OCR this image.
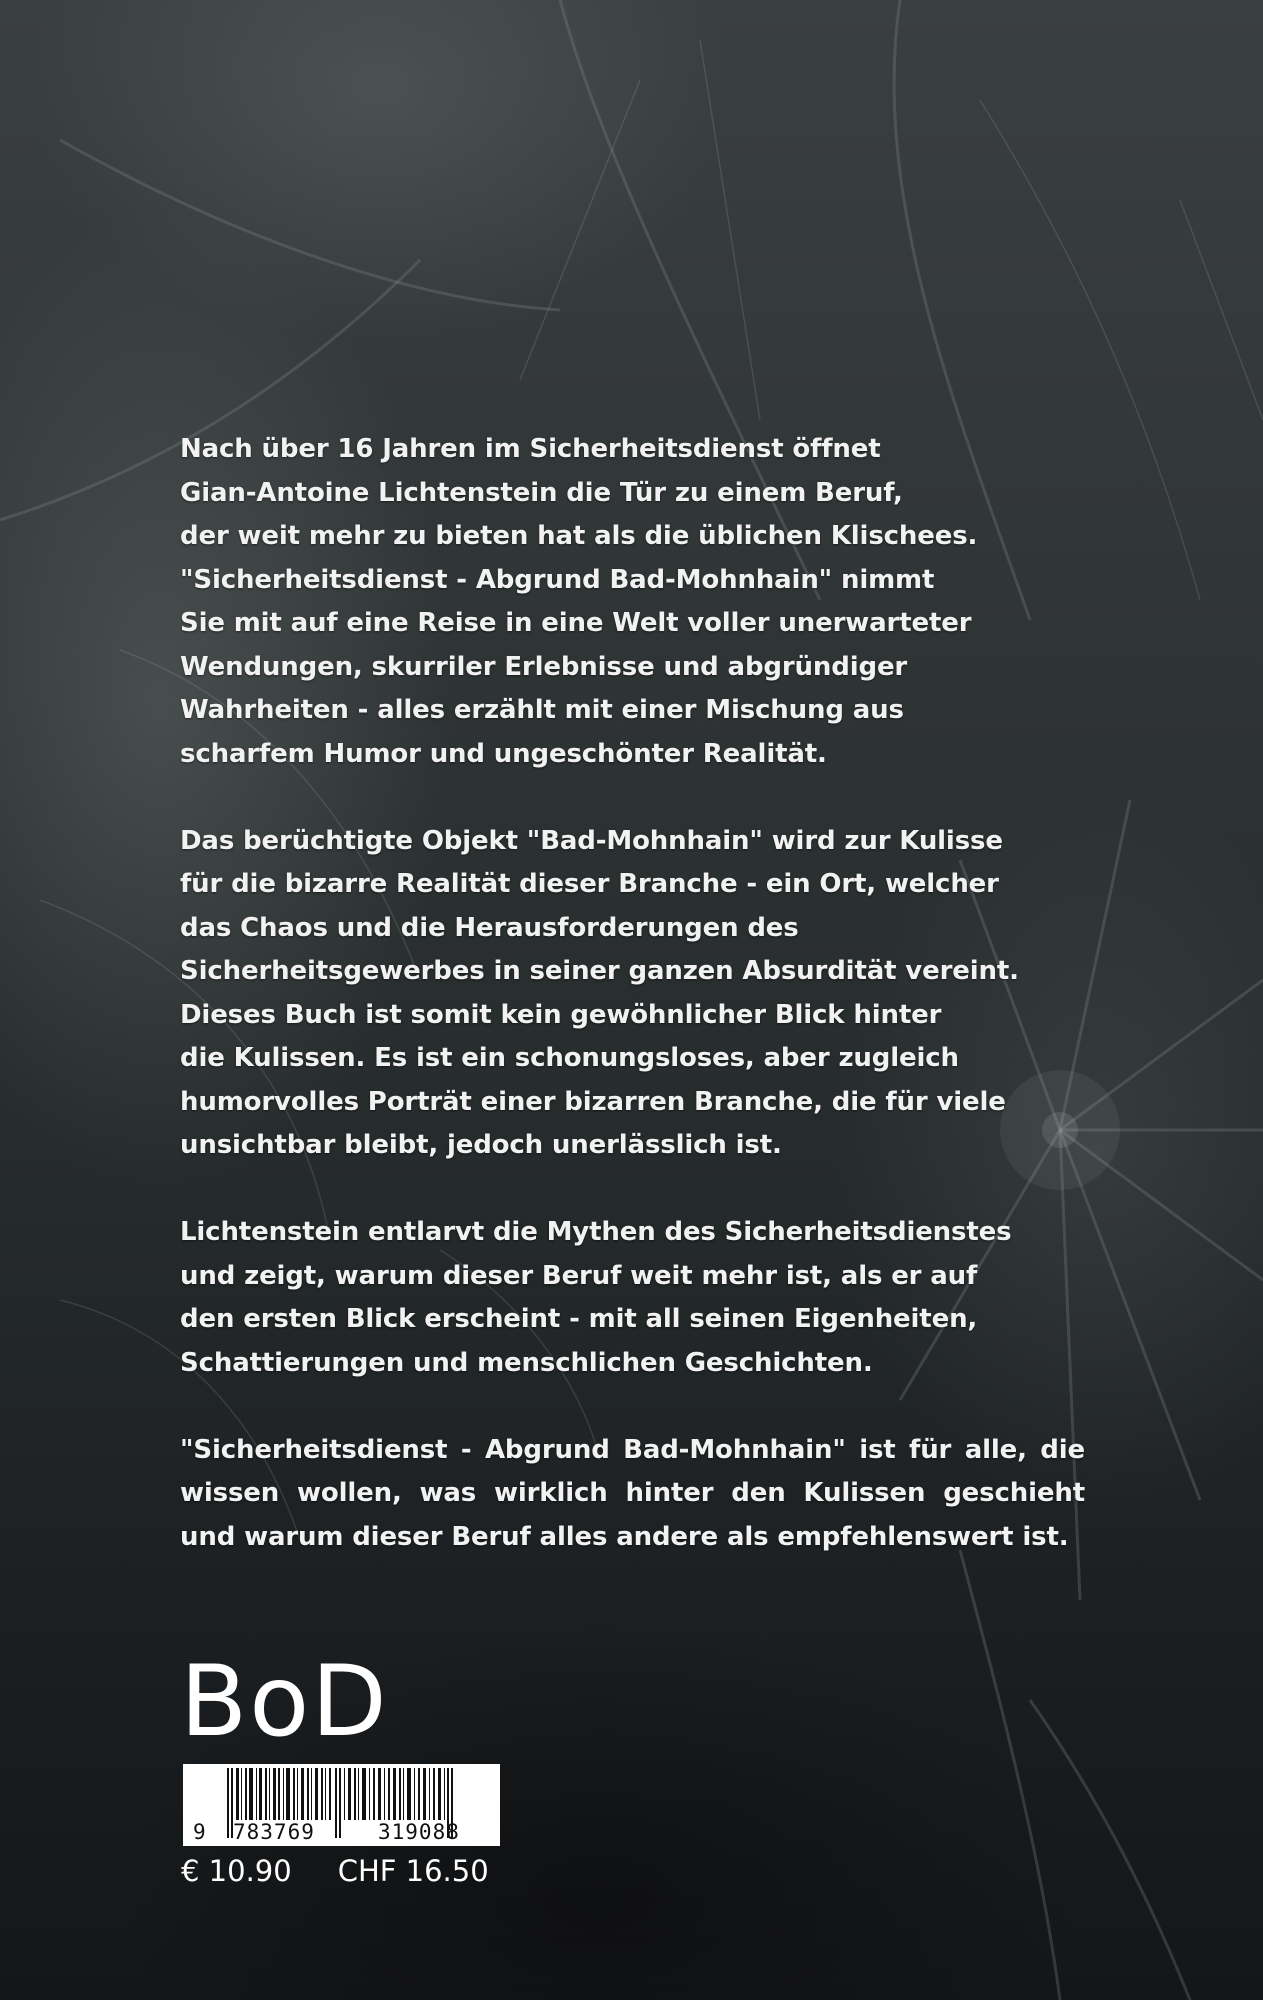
Nach über 16 Jahren im Sicherheitsdienst öffnet
Gian-Antoine Lichtenstein die Tür zu einem Beruf,
der weit mehr zu bieten hat als die üblichen Klischees.
"Sicherheitsdienst - Abgrund Bad-Mohnhain" nimmt
Sie mit auf eine Reise in eine Welt voller unerwarteter
Wendungen, skurriler Erlebnisse und abgründiger
Wahrheiten - alles erzählt mit einer Mischung aus
scharfem Humor und ungeschönter Realität.

Das berüchtigte Objekt "Bad-Mohnhain" wird zur Kulisse
für die bizarre Realität dieser Branche - ein Ort, welcher
das Chaos und die Herausforderungen des
Sicherheitsgewerbes in seiner ganzen Absurdität vereint.
Dieses Buch ist somit kein gewöhnlicher Blick hinter
die Kulissen. Es ist ein schonungsloses, aber zugleich
humorvolles Porträt einer bizarren Branche, die für viele
unsichtbar bleibt, jedoch unerlässlich ist.

Lichtenstein entlarvt die Mythen des Sicherheitsdienstes
und zeigt, warum dieser Beruf weit mehr ist, als er auf
den ersten Blick erscheint - mit all seinen Eigenheiten,
Schattierungen und menschlichen Geschichten.

"Sicherheitsdienst - Abgrund Bad-Mohnhain" ist für alle, die wissen wollen, was wirklich hinter den Kulissen geschieht und warum dieser Beruf alles andere als empfehlenswert ist.

BoD
9 783769	319088
€ 10.90 CHF 16.50
